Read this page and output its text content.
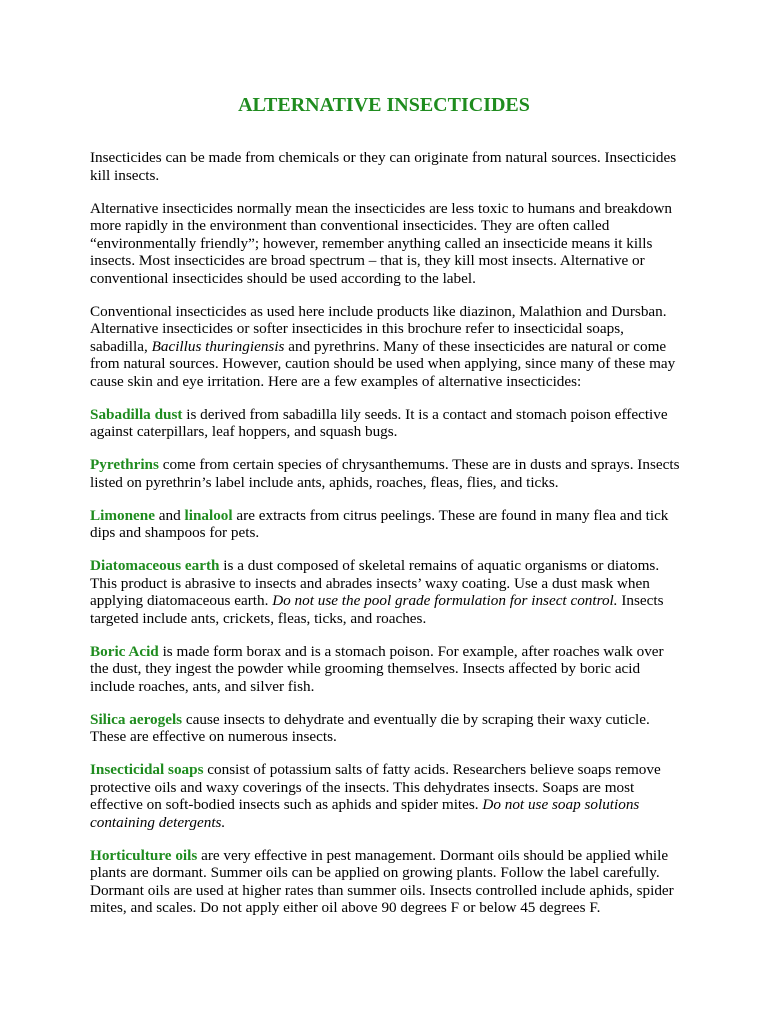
ALTERNATIVE INSECTICIDES

Insecticides can be made from chemicals or they can originate from natural sources. Insecticides kill insects.

Alternative insecticides normally mean the insecticides are less toxic to humans and breakdown more rapidly in the environment than conventional insecticides. They are often called “environmentally friendly”; however, remember anything called an insecticide means it kills insects. Most insecticides are broad spectrum – that is, they kill most insects. Alternative or conventional insecticides should be used according to the label.

Conventional insecticides as used here include products like diazinon, Malathion and Dursban. Alternative insecticides or softer insecticides in this brochure refer to insecticidal soaps, sabadilla, Bacillus thuringiensis and pyrethrins. Many of these insecticides are natural or come from natural sources. However, caution should be used when applying, since many of these may cause skin and eye irritation. Here are a few examples of alternative insecticides:

Sabadilla dust is derived from sabadilla lily seeds. It is a contact and stomach poison effective against caterpillars, leaf hoppers, and squash bugs.

Pyrethrins come from certain species of chrysanthemums. These are in dusts and sprays. Insects listed on pyrethrin’s label include ants, aphids, roaches, fleas, flies, and ticks.

Limonene and linalool are extracts from citrus peelings. These are found in many flea and tick dips and shampoos for pets.

Diatomaceous earth is a dust composed of skeletal remains of aquatic organisms or diatoms. This product is abrasive to insects and abrades insects’ waxy coating. Use a dust mask when applying diatomaceous earth. Do not use the pool grade formulation for insect control. Insects targeted include ants, crickets, fleas, ticks, and roaches.

Boric Acid is made form borax and is a stomach poison. For example, after roaches walk over the dust, they ingest the powder while grooming themselves. Insects affected by boric acid include roaches, ants, and silver fish.

Silica aerogels cause insects to dehydrate and eventually die by scraping their waxy cuticle. These are effective on numerous insects.

Insecticidal soaps consist of potassium salts of fatty acids. Researchers believe soaps remove protective oils and waxy coverings of the insects. This dehydrates insects. Soaps are most effective on soft-bodied insects such as aphids and spider mites. Do not use soap solutions containing detergents.

Horticulture oils are very effective in pest management. Dormant oils should be applied while plants are dormant. Summer oils can be applied on growing plants. Follow the label carefully. Dormant oils are used at higher rates than summer oils. Insects controlled include aphids, spider mites, and scales. Do not apply either oil above 90 degrees F or below 45 degrees F.
